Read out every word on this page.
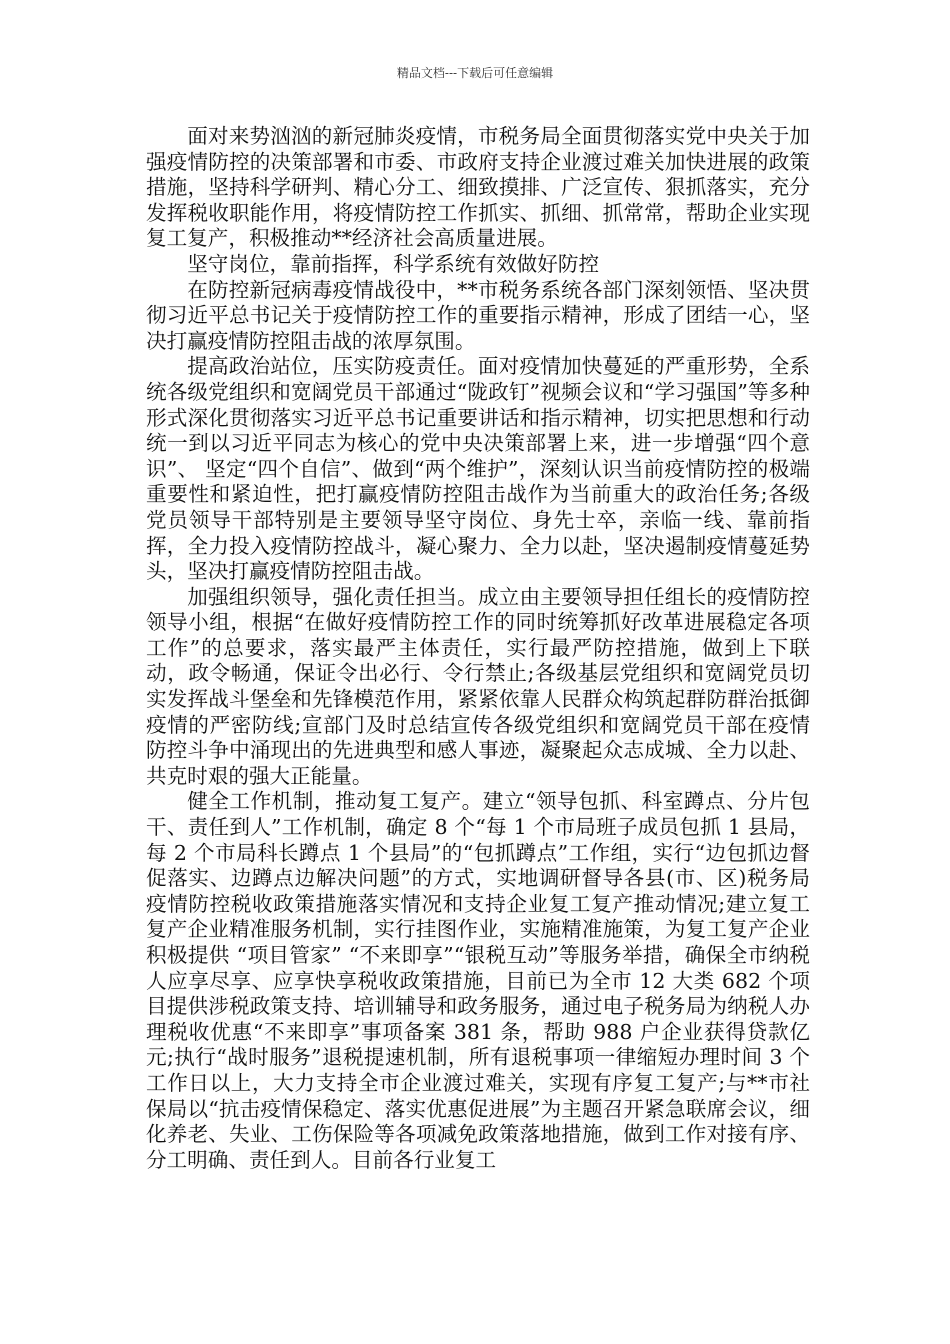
精品文档---下载后可任意编辑

面对来势汹汹的新冠肺炎疫情，市税务局全面贯彻落实党中央关于加强疫情防控的决策部署和市委、市政府支持企业渡过难关加快进展的政策措施，坚持科学研判、精心分工、细致摸排、广泛宣传、狠抓落实，充分发挥税收职能作用，将疫情防控工作抓实、抓细、抓常常，帮助企业实现复工复产，积极推动**经济社会高质量进展。

坚守岗位，靠前指挥，科学系统有效做好防控

在防控新冠病毒疫情战役中，**市税务系统各部门深刻领悟、坚决贯彻习近平总书记关于疫情防控工作的重要指示精神，形成了团结一心，坚决打赢疫情防控阻击战的浓厚氛围。

提高政治站位，压实防疫责任。面对疫情加快蔓延的严重形势，全系统各级党组织和宽阔党员干部通过“陇政钉”视频会议和“学习强国”等多种形式深化贯彻落实习近平总书记重要讲话和指示精神，切实把思想和行动统一到以习近平同志为核心的党中央决策部署上来，进一步增强“四个意识”、 坚定“四个自信”、做到“两个维护”，深刻认识当前疫情防控的极端重要性和紧迫性，把打赢疫情防控阻击战作为当前重大的政治任务;各级党员领导干部特别是主要领导坚守岗位、身先士卒，亲临一线、靠前指挥，全力投入疫情防控战斗，凝心聚力、全力以赴，坚决遏制疫情蔓延势头，坚决打赢疫情防控阻击战。

加强组织领导，强化责任担当。成立由主要领导担任组长的疫情防控领导小组，根据“在做好疫情防控工作的同时统筹抓好改革进展稳定各项工作”的总要求，落实最严主体责任，实行最严防控措施，做到上下联动，政令畅通，保证令出必行、令行禁止;各级基层党组织和宽阔党员切实发挥战斗堡垒和先锋模范作用，紧紧依靠人民群众构筑起群防群治抵御疫情的严密防线;宣部门及时总结宣传各级党组织和宽阔党员干部在疫情防控斗争中涌现出的先进典型和感人事迹，凝聚起众志成城、全力以赴、共克时艰的强大正能量。

健全工作机制，推动复工复产。建立“领导包抓、科室蹲点、分片包干、责任到人”工作机制，确定 8 个“每 1 个市局班子成员包抓 1 县局，每 2 个市局科长蹲点 1 个县局”的“包抓蹲点”工作组，实行“边包抓边督促落实、边蹲点边解决问题”的方式，实地调研督导各县(市、区)税务局疫情防控税收政策措施落实情况和支持企业复工复产推动情况;建立复工复产企业精准服务机制，实行挂图作业，实施精准施策，为复工复产企业积极提供 “项目管家” “不来即享”“银税互动”等服务举措，确保全市纳税人应享尽享、应享快享税收政策措施，目前已为全市 12 大类 682 个项目提供涉税政策支持、培训辅导和政务服务，通过电子税务局为纳税人办理税收优惠“不来即享”事项备案 381 条，帮助 988 户企业获得贷款亿元;执行“战时服务”退税提速机制，所有退税事项一律缩短办理时间 3 个工作日以上，大力支持全市企业渡过难关，实现有序复工复产;与**市社保局以“抗击疫情保稳定、落实优惠促进展”为主题召开紧急联席会议，细化养老、失业、工伤保险等各项减免政策落地措施，做到工作对接有序、分工明确、责任到人。目前各行业复工
